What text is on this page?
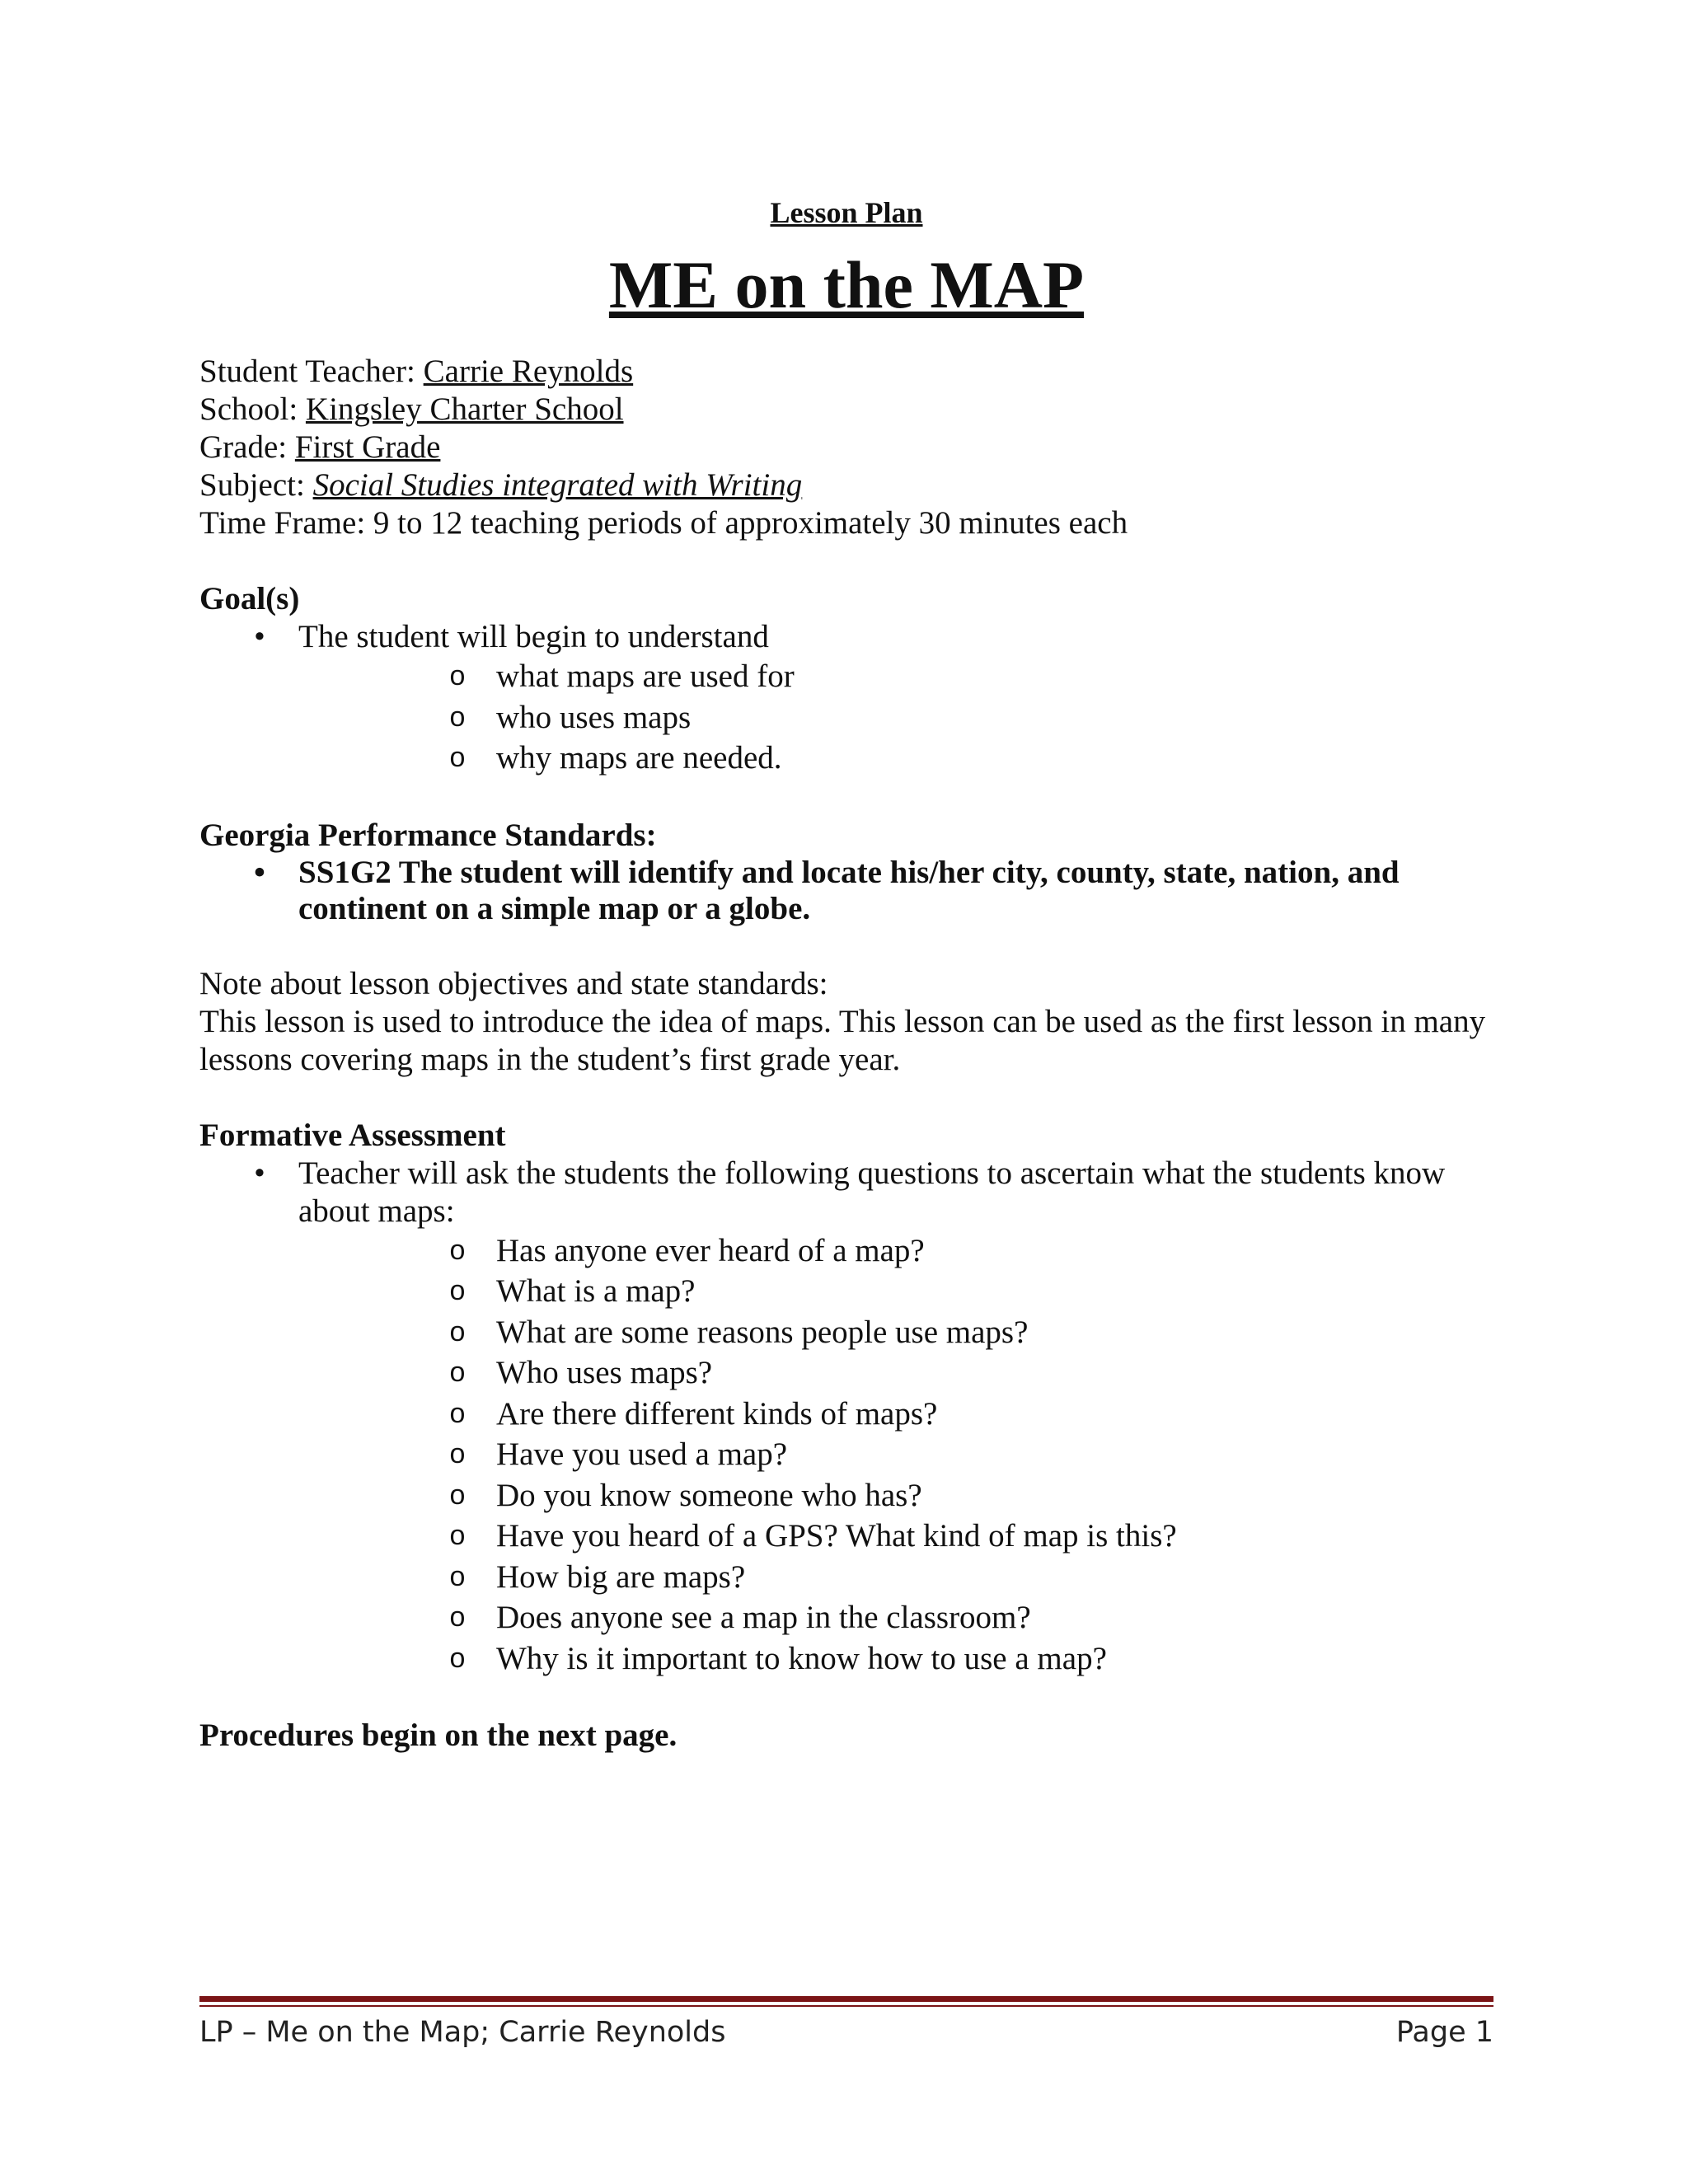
Lesson Plan

ME on the MAP

Student Teacher: Carrie Reynolds

School: Kingsley Charter School

Grade: First Grade

Subject: Social Studies integrated with Writing

Time Frame: 9 to 12 teaching periods of approximately 30 minutes each

Goal(s)

• The student will begin to understand
o what maps are used for
o who uses maps
o why maps are needed.

Georgia Performance Standards:

• SS1G2 The student will identify and locate his/her city, county, state, nation, and continent on a simple map or a globe.

Note about lesson objectives and state standards:

This lesson is used to introduce the idea of maps. This lesson can be used as the first lesson in many lessons covering maps in the student’s first grade year.

Formative Assessment

• Teacher will ask the students the following questions to ascertain what the students know about maps:
o Has anyone ever heard of a map?
o What is a map?
o What are some reasons people use maps?
o Who uses maps?
o Are there different kinds of maps?
o Have you used a map?
o Do you know someone who has?
o Have you heard of a GPS? What kind of map is this?
o How big are maps?
o Does anyone see a map in the classroom?
o Why is it important to know how to use a map?

Procedures begin on the next page.

LP – Me on the Map; Carrie Reynolds	Page 1
